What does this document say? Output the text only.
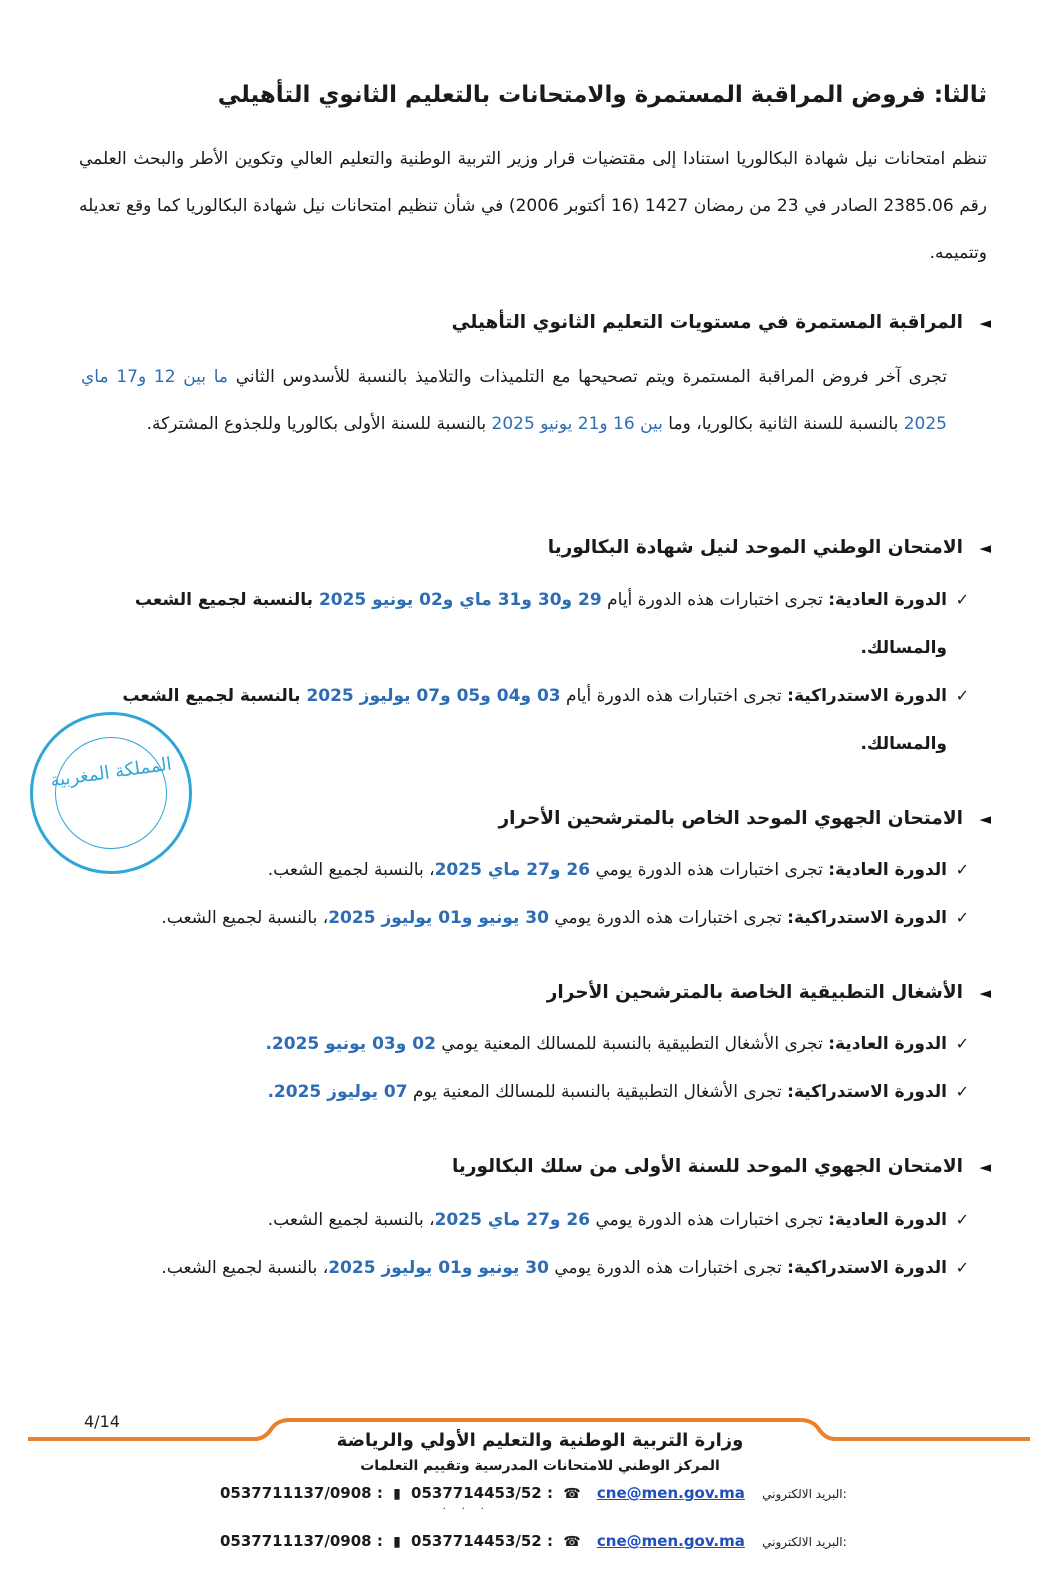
ثالثا: فروض المراقبة المستمرة والامتحانات بالتعليم الثانوي التأهيلي
تنظم امتحانات نيل شهادة البكالوريا استنادا إلى مقتضيات قرار وزير التربية الوطنية والتعليم العالي وتكوين الأطر والبحث العلمي رقم 2385.06 الصادر في 23 من رمضان 1427 (16 أكتوبر 2006) في شأن تنظيم امتحانات نيل شهادة البكالوريا كما وقع تعديله وتتميمه.
◄
المراقبة المستمرة في مستويات التعليم الثانوي التأهيلي
تجرى آخر فروض المراقبة المستمرة ويتم تصحيحها مع التلميذات والتلاميذ بالنسبة للأسدوس الثاني ما بين 12 و17 ماي 2025 بالنسبة للسنة الثانية بكالوريا، وما بين 16 و21 يونيو 2025 بالنسبة للسنة الأولى بكالوريا وللجذوع المشتركة.
◄
الامتحان الوطني الموحد لنيل شهادة البكالوريا
✓
الدورة العادية: تجرى اختبارات هذه الدورة أيام 29 و30 و31 ماي و02 يونيو 2025 بالنسبة لجميع الشعب والمسالك.
✓
الدورة الاستدراكية: تجرى اختبارات هذه الدورة أيام 03 و04 و05 و07 يوليوز 2025 بالنسبة لجميع الشعب والمسالك.
◄
الامتحان الجهوي الموحد الخاص بالمترشحين الأحرار
✓
الدورة العادية: تجرى اختبارات هذه الدورة يومي 26 و27 ماي 2025، بالنسبة لجميع الشعب.
✓
الدورة الاستدراكية: تجرى اختبارات هذه الدورة يومي 30 يونيو و01 يوليوز 2025، بالنسبة لجميع الشعب.
◄
الأشغال التطبيقية الخاصة بالمترشحين الأحرار
✓
الدورة العادية: تجرى الأشغال التطبيقية بالنسبة للمسالك المعنية يومي 02 و03 يونيو 2025.
✓
الدورة الاستدراكية: تجرى الأشغال التطبيقية بالنسبة للمسالك المعنية يوم 07 يوليوز 2025.
◄
الامتحان الجهوي الموحد للسنة الأولى من سلك البكالوريا
✓
الدورة العادية: تجرى اختبارات هذه الدورة يومي 26 و27 ماي 2025، بالنسبة لجميع الشعب.
✓
الدورة الاستدراكية: تجرى اختبارات هذه الدورة يومي 30 يونيو و01 يوليوز 2025، بالنسبة لجميع الشعب.
المملكة المغربية
4/14
وزارة التربية الوطنية والتعليم الأولي والرياضة
المركز الوطني للامتحانات المدرسية وتقييم التعلمات
0537711137/0908 : ▮ 0537714453/52 : ☎ cne@men.gov.ma البريد الالكتروني:
· · ·
0537711137/0908 : ▮ 0537714453/52 : ☎ cne@men.gov.ma البريد الالكتروني:
